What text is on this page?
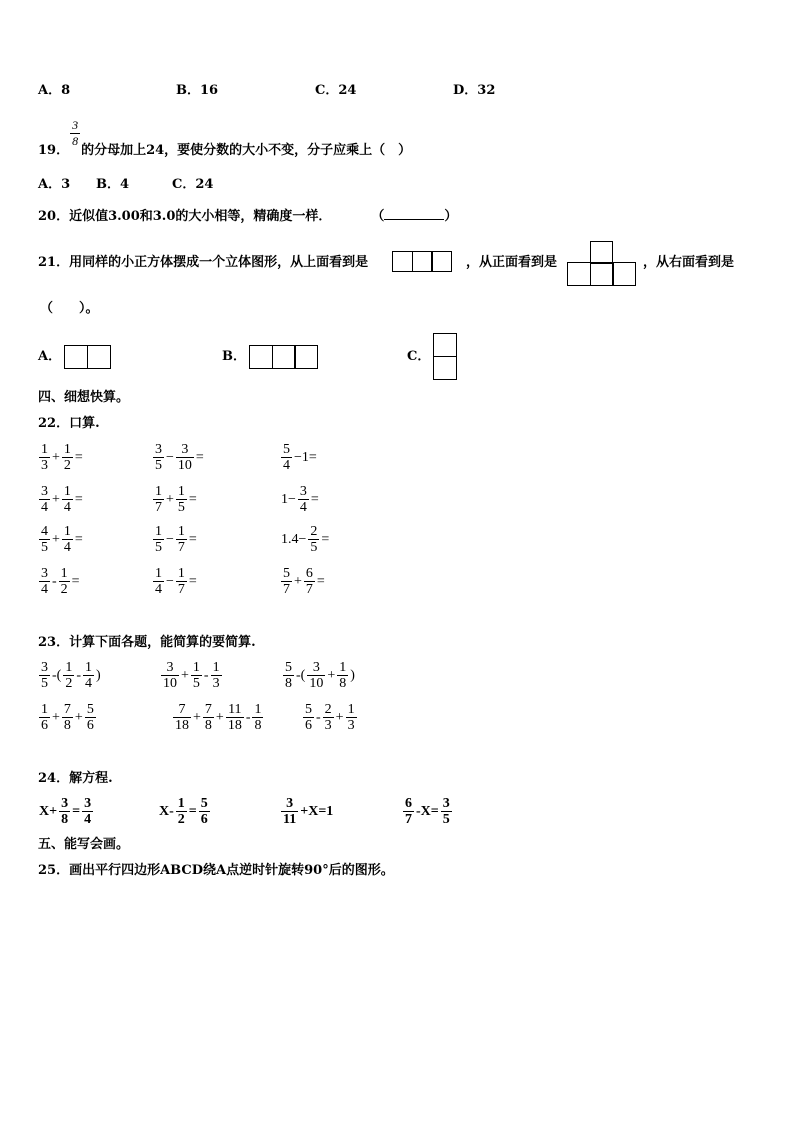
A．8	B．16	C．24	D．32
19．
$\frac{3}{8}$
的分母加上24，要使分数的大小不变，分子应乘上（　）
A．3 B．4	C．24
20．近似值3.00和3.0的大小相等，精确度一样．	（	）
21．用同样的小正方体摆成一个立体图形，从上面看到是	，从正面看到是	，从右面看到是
（　　）。
A．	B．	C．
四、细想快算。
22．口算.
$\frac{1}{3} + \frac{1}{2}$ =	$\frac{3}{5} - \frac{3}{10}$ =	$\frac{5}{4} -1=$
$\frac{3}{4} + \frac{1}{4}$ =	$\frac{1}{7} + \frac{1}{5}$ =	$1- \frac{3}{4}$ =
$\frac{4}{5} + \frac{1}{4}$ =	$\frac{1}{5} - \frac{1}{7}$ =	$1.4- \frac{2}{5}$ =
$\frac{3}{4} - \frac{1}{2}$ =	$\frac{1}{4} - \frac{1}{7}$ =	$\frac{5}{7} + \frac{6}{7}$ =
23．计算下面各题，能简算的要简算.
$\frac{3}{5}$ -( $\frac{1}{2} - \frac{1}{4}$ )	$\frac{3}{10} + \frac{1}{5} - \frac{1}{3}$	$\frac{5}{8}$ -( $\frac{3}{10} + \frac{1}{8}$ )
$\frac{1}{6} + \frac{7}{8} + \frac{5}{6}$	$\frac{7}{18} + \frac{7}{8} + \frac{11}{18} - \frac{1}{8}$	$\frac{5}{6} - \frac{2}{3} + \frac{1}{3}$
24．解方程.
$X+ \frac{3}{8} = \frac{3}{4}$	$X- \frac{1}{2} = \frac{5}{6}$	$\frac{3}{11} +X=1$	$\frac{6}{7} -X= \frac{3}{5}$
五、能写会画。
25．画出平行四边形ABCD绕A点逆时针旋转90°后的图形。
